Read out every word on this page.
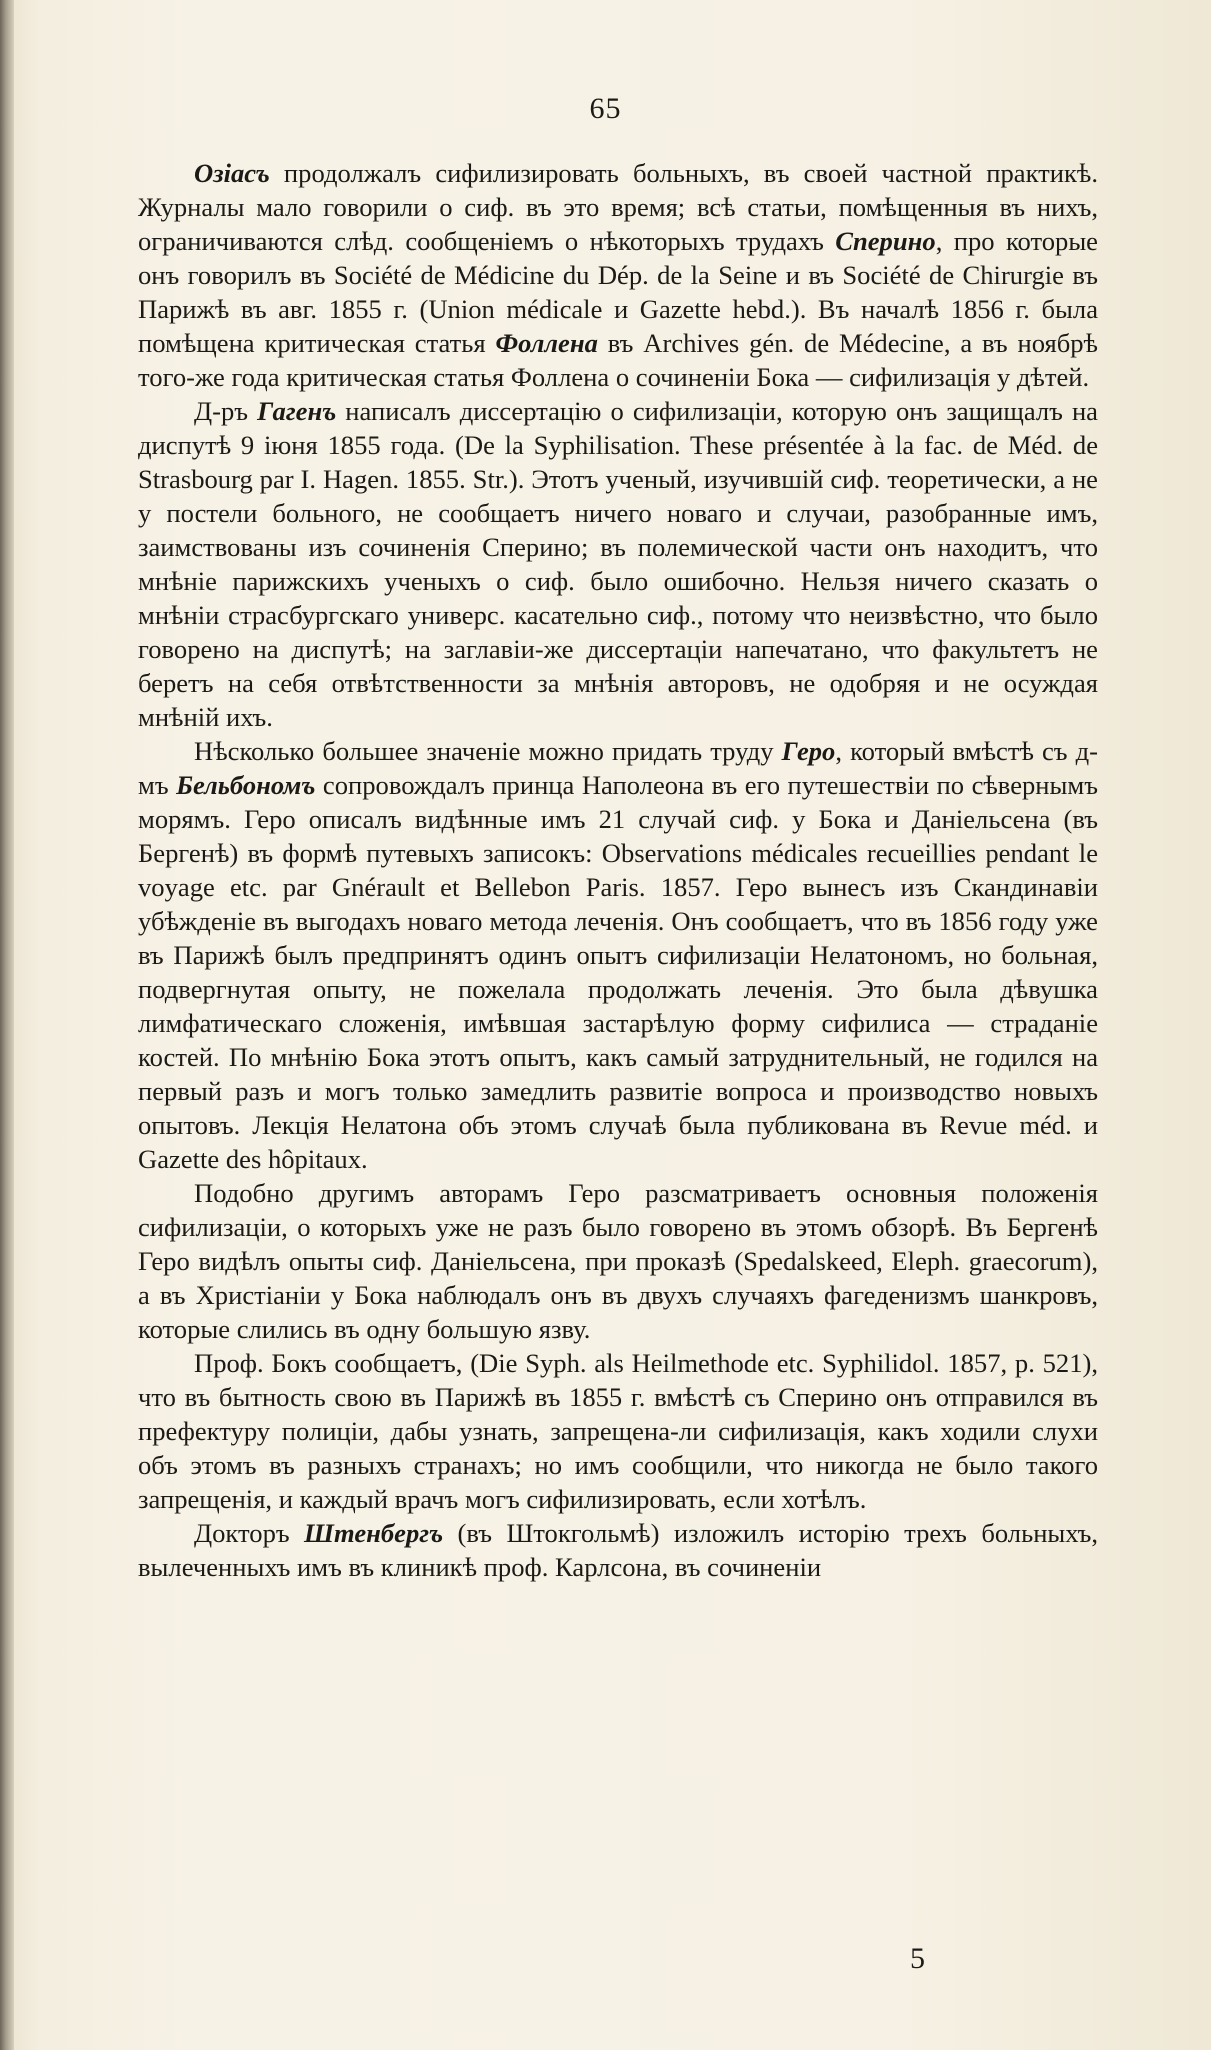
65

Озiасъ продолжалъ сифилизировать больныхъ, въ своей частной практикѣ. Журналы мало говорили о сиф. въ это время; всѣ статьи, помѣщенныя въ нихъ, ограничиваются слѣд. сообщенiемъ о нѣкоторыхъ трудахъ Сперино, про которые онъ говорилъ въ Société de Médicine du Dép. de la Seine и въ Société de Chirurgie въ Парижѣ въ авг. 1855 г. (Union médicale и Gazette hebd.). Въ началѣ 1856 г. была помѣщена критическая статья Фоллена въ Archives gén. de Médecine, а въ ноябрѣ того-же года критическая статья Фоллена о сочиненiи Бока — сифилизацiя у дѣтей.

Д-ръ Гагенъ написалъ диссертацiю о сифилизацiи, которую онъ защищалъ на диспутѣ 9 iюня 1855 года. (De la Syphilisation. These présentée à la fac. de Méd. de Strasbourg par I. Hagen. 1855. Str.). Этотъ ученый, изучившiй сиф. теоретически, а не у постели больного, не сообщаетъ ничего новаго и случаи, разобранные имъ, заимствованы изъ сочиненiя Сперино; въ полемической части онъ находитъ, что мнѣнiе парижскихъ ученыхъ о сиф. было ошибочно. Нельзя ничего сказать о мнѣнiи страсбургскаго универс. касательно сиф., потому что неизвѣстно, что было говорено на диспутѣ; на заглавiи-же диссертацiи напечатано, что факультетъ не беретъ на себя отвѣтственности за мнѣнiя авторовъ, не одобряя и не осуждая мнѣнiй ихъ.

Нѣсколько большее значенiе можно придать труду Геро, который вмѣстѣ съ д-мъ Бельбономъ сопровождалъ принца Наполеона въ его путешествiи по сѣвернымъ морямъ. Геро описалъ видѣнные имъ 21 случай сиф. у Бока и Данiельсена (въ Бергенѣ) въ формѣ путевыхъ записокъ: Observations médicales recueillies pendant le voyage etc. par Gnérault et Bellebon Paris. 1857. Геро вынесъ изъ Скандинавiи убѣжденiе въ выгодахъ новаго метода леченiя. Онъ сообщаетъ, что въ 1856 году уже въ Парижѣ былъ предпринятъ одинъ опытъ сифилизацiи Нелатономъ, но больная, подвергнутая опыту, не пожелала продолжать леченiя. Это была дѣвушка лимфатическаго сложенiя, имѣвшая застарѣлую форму сифилиса — страданiе костей. По мнѣнiю Бока этотъ опытъ, какъ самый затруднительный, не годился на первый разъ и могъ только замедлить развитiе вопроса и производство новыхъ опытовъ. Лекцiя Нелатона объ этомъ случаѣ была публикована въ Revue méd. и Gazette des hôpitaux.

Подобно другимъ авторамъ Геро разсматриваетъ основныя положенiя сифилизацiи, о которыхъ уже не разъ было говорено въ этомъ обзорѣ. Въ Бергенѣ Геро видѣлъ опыты сиф. Данiельсена, при проказѣ (Spedalskeed, Eleph. graecorum), а въ Христiанiи у Бока наблюдалъ онъ въ двухъ случаяхъ фагеденизмъ шанкровъ, которые слились въ одну большую язву.

Проф. Бокъ сообщаетъ, (Die Syph. als Heilmethode etc. Syphilidol. 1857, p. 521), что въ бытность свою въ Парижѣ въ 1855 г. вмѣстѣ съ Сперино онъ отправился въ префектуру полицiи, дабы узнать, запрещена-ли сифилизацiя, какъ ходили слухи объ этомъ въ разныхъ странахъ; но имъ сообщили, что никогда не было такого запрещенiя, и каждый врачъ могъ сифилизировать, если хотѣлъ.

Докторъ Штенбергъ (въ Штокгольмѣ) изложилъ исторiю трехъ больныхъ, вылеченныхъ имъ въ клиникѣ проф. Карлсона, въ сочиненiи

5
